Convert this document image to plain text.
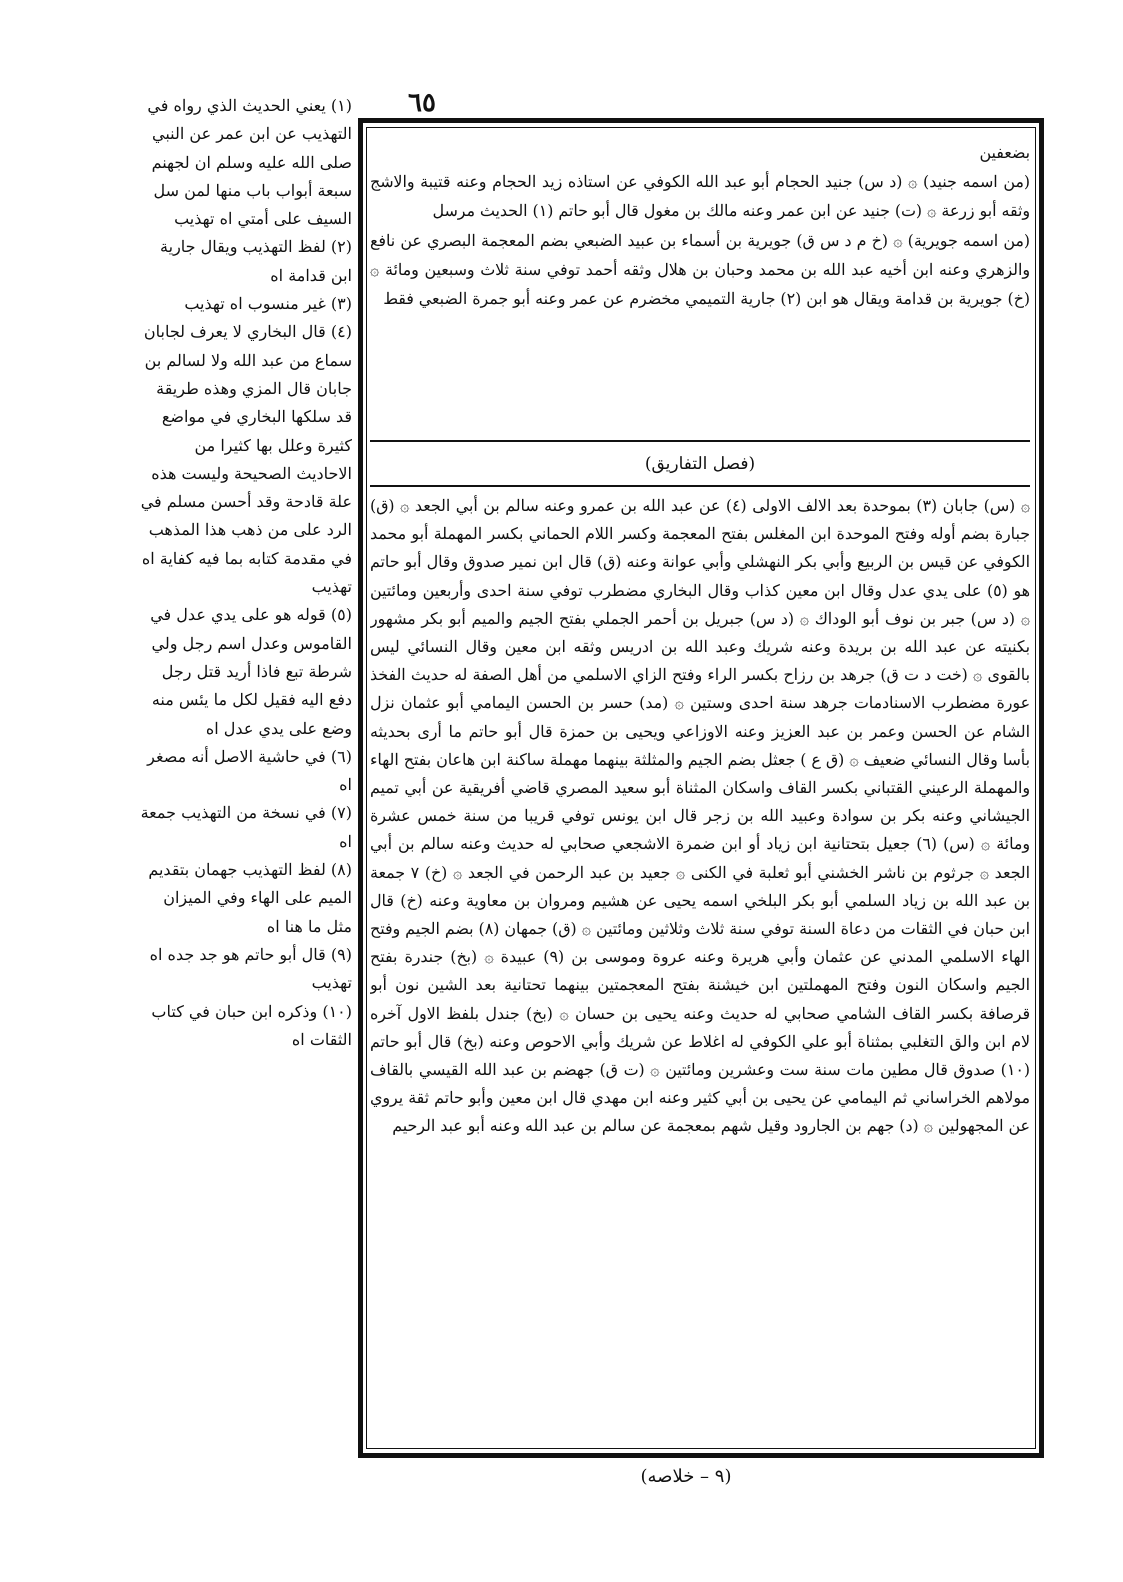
٦٥

بضعفين

(من اسمه جنيد) ۞ (د س) جنيد الحجام أبو عبد الله الكوفي عن استاذه زيد الحجام وعنه قتيبة والاشج وثقه أبو زرعة ۞ (ت) جنيد عن ابن عمر وعنه مالك بن مغول قال أبو حاتم (١) الحديث مرسل

(من اسمه جويرية) ۞ (خ م د س ق) جويرية بن أسماء بن عبيد الضبعي بضم المعجمة البصري عن نافع والزهري وعنه ابن أخيه عبد الله بن محمد وحبان بن هلال وثقه أحمد توفي سنة ثلاث وسبعين ومائة ۞ (خ) جويرية بن قدامة ويقال هو ابن (٢) جارية التميمي مخضرم عن عمر وعنه أبو جمرة الضبعي فقط

(فصل التفاريق)
۞ (س) جابان (٣) بموحدة بعد الالف الاولى (٤) عن عبد الله بن عمرو وعنه سالم بن أبي الجعد ۞ (ق) جبارة بضم أوله وفتح الموحدة ابن المغلس بفتح المعجمة وكسر اللام الحماني بكسر المهملة أبو محمد الكوفي عن قيس بن الربيع وأبي بكر النهشلي وأبي عوانة وعنه (ق) قال ابن نمير صدوق وقال أبو حاتم هو (٥) على يدي عدل وقال ابن معين كذاب وقال البخاري مضطرب توفي سنة احدى وأربعين ومائتين ۞ (د س) جبر بن نوف أبو الوداك ۞ (د س) جبريل بن أحمر الجملي بفتح الجيم والميم أبو بكر مشهور بكنيته عن عبد الله بن بريدة وعنه شريك وعبد الله بن ادريس وثقه ابن معين وقال النسائي ليس بالقوى ۞ (خت د ت ق) جرهد بن رزاح بكسر الراء وفتح الزاي الاسلمي من أهل الصفة له حديث الفخذ عورة مضطرب الاسنادمات جرهد سنة احدى وستين ۞ (مد) حسر بن الحسن اليمامي أبو عثمان نزل الشام عن الحسن وعمر بن عبد العزيز وعنه الاوزاعي ويحيى بن حمزة قال أبو حاتم ما أرى بحديثه بأسا وقال النسائي ضعيف ۞ (ق ع ) جعثل بضم الجيم والمثلثة بينهما مهملة ساكنة ابن هاعان بفتح الهاء والمهملة الرعيني القتباني بكسر القاف واسكان المثناة أبو سعيد المصري قاضي أفريقية عن أبي تميم الجيشاني وعنه بكر بن سوادة وعبيد الله بن زجر قال ابن يونس توفي قريبا من سنة خمس عشرة ومائة ۞ (س) (٦) جعيل بتحتانية ابن زياد أو ابن ضمرة الاشجعي صحابي له حديث وعنه سالم بن أبي الجعد ۞ جرثوم بن ناشر الخشني أبو ثعلبة في الكنى ۞ جعيد بن عبد الرحمن في الجعد ۞ (خ) ٧ جمعة بن عبد الله بن زياد السلمي أبو بكر البلخي اسمه يحيى عن هشيم ومروان بن معاوية وعنه (خ) قال ابن حبان في الثقات من دعاة السنة توفي سنة ثلاث وثلاثين ومائتين ۞ (ق) جمهان (٨) بضم الجيم وفتح الهاء الاسلمي المدني عن عثمان وأبي هريرة وعنه عروة وموسى بن (٩) عبيدة ۞ (بخ) جندرة بفتح الجيم واسكان النون وفتح المهملتين ابن خيشنة بفتح المعجمتين بينهما تحتانية بعد الشين نون أبو قرصافة بكسر القاف الشامي صحابي له حديث وعنه يحيى بن حسان ۞ (بخ) جندل بلفظ الاول آخره لام ابن والق التغلبي بمثناة أبو علي الكوفي له اغلاط عن شريك وأبي الاحوص وعنه (بخ) قال أبو حاتم (١٠) صدوق قال مطين مات سنة ست وعشرين ومائتين ۞ (ت ق) جهضم بن عبد الله القيسي بالقاف مولاهم الخراساني ثم اليمامي عن يحيى بن أبي كثير وعنه ابن مهدي قال ابن معين وأبو حاتم ثقة يروي عن المجهولين ۞ (د) جهم بن الجارود وقيل شهم بمعجمة عن سالم بن عبد الله وعنه أبو عبد الرحيم

(١) يعني الحديث الذي رواه في التهذيب عن ابن عمر عن النبي صلى الله عليه وسلم ان لجهنم سبعة أبواب باب منها لمن سل السيف على أمتي اه تهذيب

(٢) لفظ التهذيب ويقال جارية ابن قدامة اه

(٣) غير منسوب اه تهذيب

(٤) قال البخاري لا يعرف لجابان سماع من عبد الله ولا لسالم بن جابان قال المزي وهذه طريقة قد سلكها البخاري في مواضع كثيرة وعلل بها كثيرا من الاحاديث الصحيحة وليست هذه علة قادحة وقد أحسن مسلم في الرد على من ذهب هذا المذهب في مقدمة كتابه بما فيه كفاية اه تهذيب

(٥) قوله هو على يدي عدل في القاموس وعدل اسم رجل ولي شرطة تبع فاذا أريد قتل رجل دفع اليه فقيل لكل ما يئس منه وضع على يدي عدل اه

(٦) في حاشية الاصل أنه مصغر اه

(٧) في نسخة من التهذيب جمعة اه

(٨) لفظ التهذيب جهمان بتقديم الميم على الهاء وفي الميزان مثل ما هنا اه

(٩) قال أبو حاتم هو جد جده اه تهذيب

(١٠) وذكره ابن حبان في كتاب الثقات اه

(٩ – خلاصه)
